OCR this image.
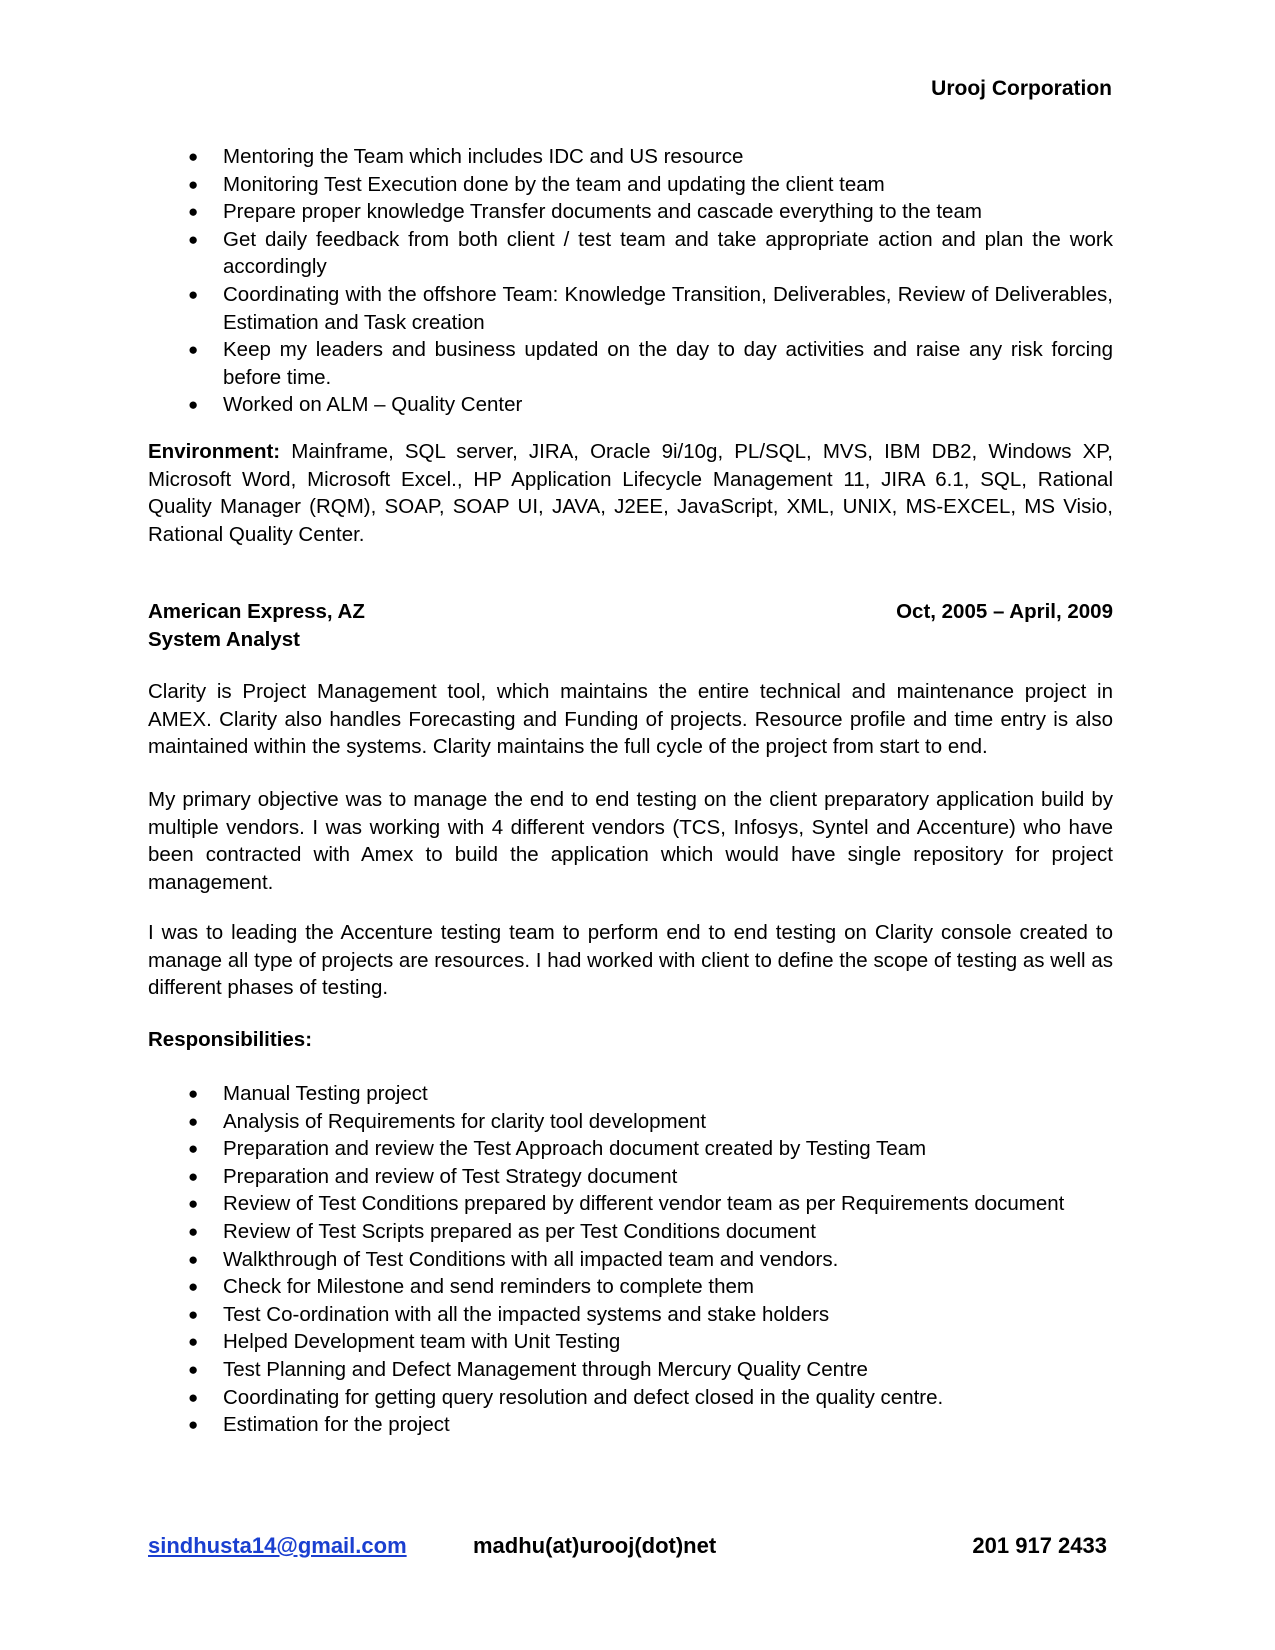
Urooj Corporation
● Mentoring the Team which includes IDC and US resource
● Monitoring Test Execution done by the team and updating the client team
● Prepare proper knowledge Transfer documents and cascade everything to the team
● Get daily feedback from both client / test team and take appropriate action and plan the work accordingly
● Coordinating with the offshore Team: Knowledge Transition, Deliverables, Review of Deliverables, Estimation and Task creation
● Keep my leaders and business updated on the day to day activities and raise any risk forcing before time.
● Worked on ALM – Quality Center

Environment: Mainframe, SQL server, JIRA, Oracle 9i/10g, PL/SQL, MVS, IBM DB2, Windows XP, Microsoft Word, Microsoft Excel., HP Application Lifecycle Management 11, JIRA 6.1, SQL, Rational Quality Manager (RQM), SOAP, SOAP UI, JAVA, J2EE, JavaScript, XML, UNIX, MS-EXCEL, MS Visio, Rational Quality Center.

American Express, AZ	Oct, 2005 – April, 2009
System Analyst

Clarity is Project Management tool, which maintains the entire technical and maintenance project in AMEX. Clarity also handles Forecasting and Funding of projects. Resource profile and time entry is also maintained within the systems. Clarity maintains the full cycle of the project from start to end.

My primary objective was to manage the end to end testing on the client preparatory application build by multiple vendors. I was working with 4 different vendors (TCS, Infosys, Syntel and Accenture) who have been contracted with Amex to build the application which would have single repository for project management.

I was to leading the Accenture testing team to perform end to end testing on Clarity console created to manage all type of projects are resources. I had worked with client to define the scope of testing as well as different phases of testing.

Responsibilities:
● Manual Testing project
● Analysis of Requirements for clarity tool development
● Preparation and review the Test Approach document created by Testing Team
● Preparation and review of Test Strategy document
● Review of Test Conditions prepared by different vendor team as per Requirements document
● Review of Test Scripts prepared as per Test Conditions document
● Walkthrough of Test Conditions with all impacted team and vendors.
● Check for Milestone and send reminders to complete them
● Test Co-ordination with all the impacted systems and stake holders
● Helped Development team with Unit Testing
● Test Planning and Defect Management through Mercury Quality Centre
● Coordinating for getting query resolution and defect closed in the quality centre.
● Estimation for the project
sindhusta14@gmail.com	madhu(at)urooj(dot)net	201 917 2433
